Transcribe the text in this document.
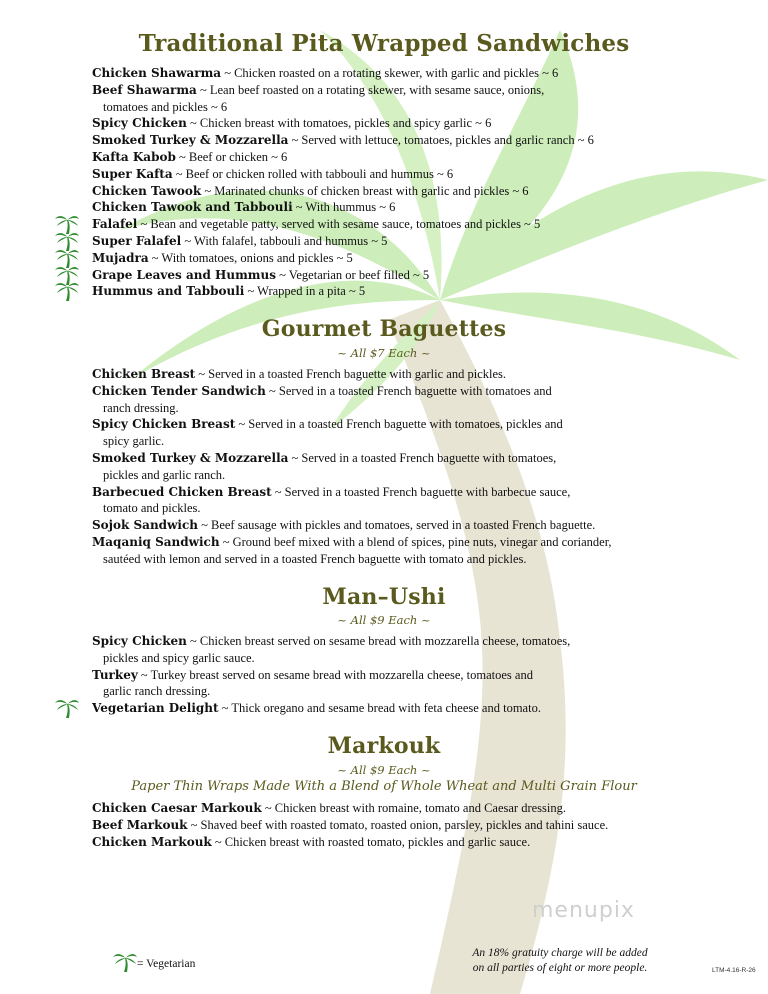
Traditional Pita Wrapped Sandwiches
Chicken Shawarma ~ Chicken roasted on a rotating skewer, with garlic and pickles ~ 6
Beef Shawarma ~ Lean beef roasted on a rotating skewer, with sesame sauce, onions,
tomatoes and pickles ~ 6
Spicy Chicken ~ Chicken breast with tomatoes, pickles and spicy garlic ~ 6
Smoked Turkey & Mozzarella ~ Served with lettuce, tomatoes, pickles and garlic ranch ~ 6
Kafta Kabob ~ Beef or chicken ~ 6
Super Kafta ~ Beef or chicken rolled with tabbouli and hummus ~ 6
Chicken Tawook ~ Marinated chunks of chicken breast with garlic and pickles ~ 6
Chicken Tawook and Tabbouli ~ With hummus ~ 6
Falafel ~ Bean and vegetable patty, served with sesame sauce, tomatoes and pickles ~ 5
Super Falafel ~ With falafel, tabbouli and hummus ~ 5
Mujadra ~ With tomatoes, onions and pickles ~ 5
Grape Leaves and Hummus ~ Vegetarian or beef filled ~ 5
Hummus and Tabbouli ~ Wrapped in a pita ~ 5
Gourmet Baguettes
~ All $7 Each ~
Chicken Breast ~ Served in a toasted French baguette with garlic and pickles.
Chicken Tender Sandwich ~ Served in a toasted French baguette with tomatoes and
ranch dressing.
Spicy Chicken Breast ~ Served in a toasted French baguette with tomatoes, pickles and
spicy garlic.
Smoked Turkey & Mozzarella ~ Served in a toasted French baguette with tomatoes,
pickles and garlic ranch.
Barbecued Chicken Breast ~ Served in a toasted French baguette with barbecue sauce,
tomato and pickles.
Sojok Sandwich ~ Beef sausage with pickles and tomatoes, served in a toasted French baguette.
Maqaniq Sandwich ~ Ground beef mixed with a blend of spices, pine nuts, vinegar and coriander,
sautéed with lemon and served in a toasted French baguette with tomato and pickles.
Man–Ushi
~ All $9 Each ~
Spicy Chicken ~ Chicken breast served on sesame bread with mozzarella cheese, tomatoes,
pickles and spicy garlic sauce.
Turkey ~ Turkey breast served on sesame bread with mozzarella cheese, tomatoes and
garlic ranch dressing.
Vegetarian Delight ~ Thick oregano and sesame bread with feta cheese and tomato.
Markouk
~ All $9 Each ~
Paper Thin Wraps Made With a Blend of Whole Wheat and Multi Grain Flour
Chicken Caesar Markouk ~ Chicken breast with romaine, tomato and Caesar dressing.
Beef Markouk ~ Shaved beef with roasted tomato, roasted onion, parsley, pickles and tahini sauce.
Chicken Markouk ~ Chicken breast with roasted tomato, pickles and garlic sauce.
= Vegetarian
An 18% gratuity charge will be added
on all parties of eight or more people.
menupix
LTM-4.16-R-26
